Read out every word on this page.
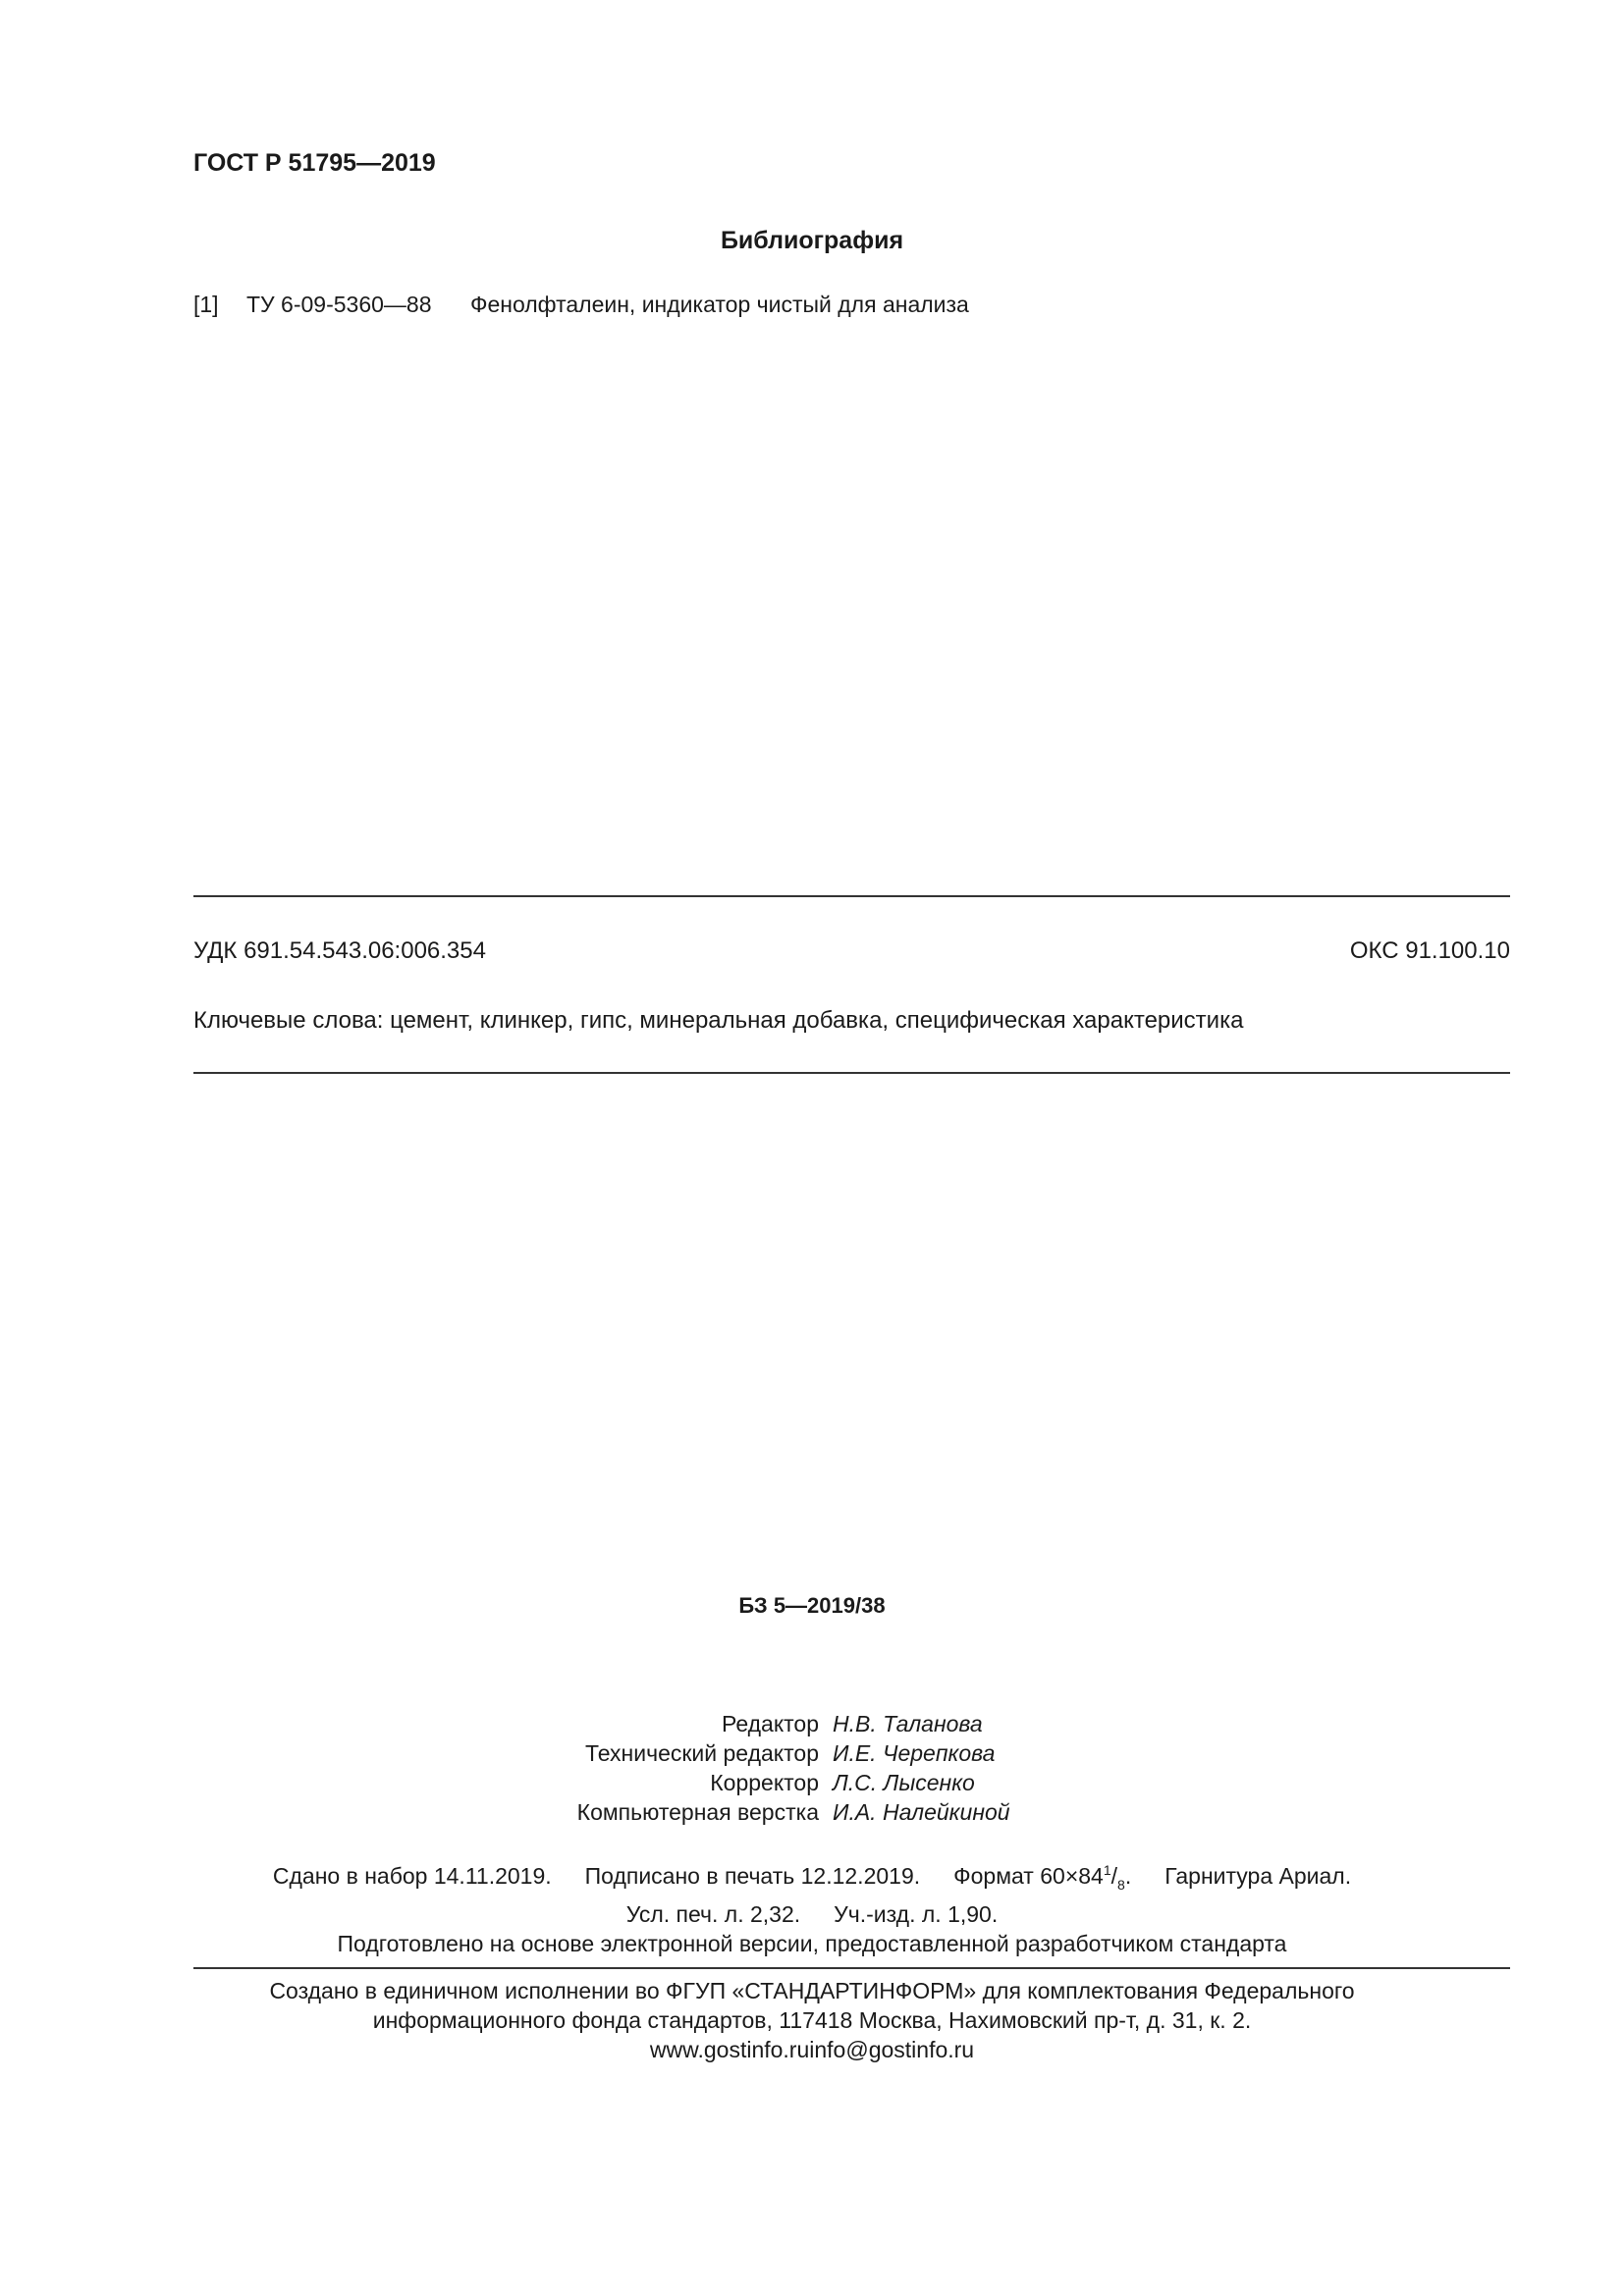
ГОСТ Р 51795—2019
Библиография
[1] ТУ 6-09-5360—88 Фенолфталеин, индикатор чистый для анализа
УДК 691.54.543.06:006.354	ОКС 91.100.10
Ключевые слова: цемент, клинкер, гипс, минеральная добавка, специфическая характеристика
БЗ 5—2019/38
Редактор Н.В. Таланова
Технический редактор И.Е. Черепкова
Корректор Л.С. Лысенко
Компьютерная верстка И.А. Налейкиной
Сдано в набор 14.11.2019. Подписано в печать 12.12.2019. Формат $60\times 84^1/_8$. Гарнитура Ариал.
Усл. печ. л. 2,32. Уч.-изд. л. 1,90.
Подготовлено на основе электронной версии, предоставленной разработчиком стандарта
Создано в единичном исполнении во ФГУП «СТАНДАРТИНФОРМ» для комплектования Федерального
информационного фонда стандартов, 117418 Москва, Нахимовский пр-т, д. 31, к. 2.
www.gostinfo.ruinfo@gostinfo.ru
